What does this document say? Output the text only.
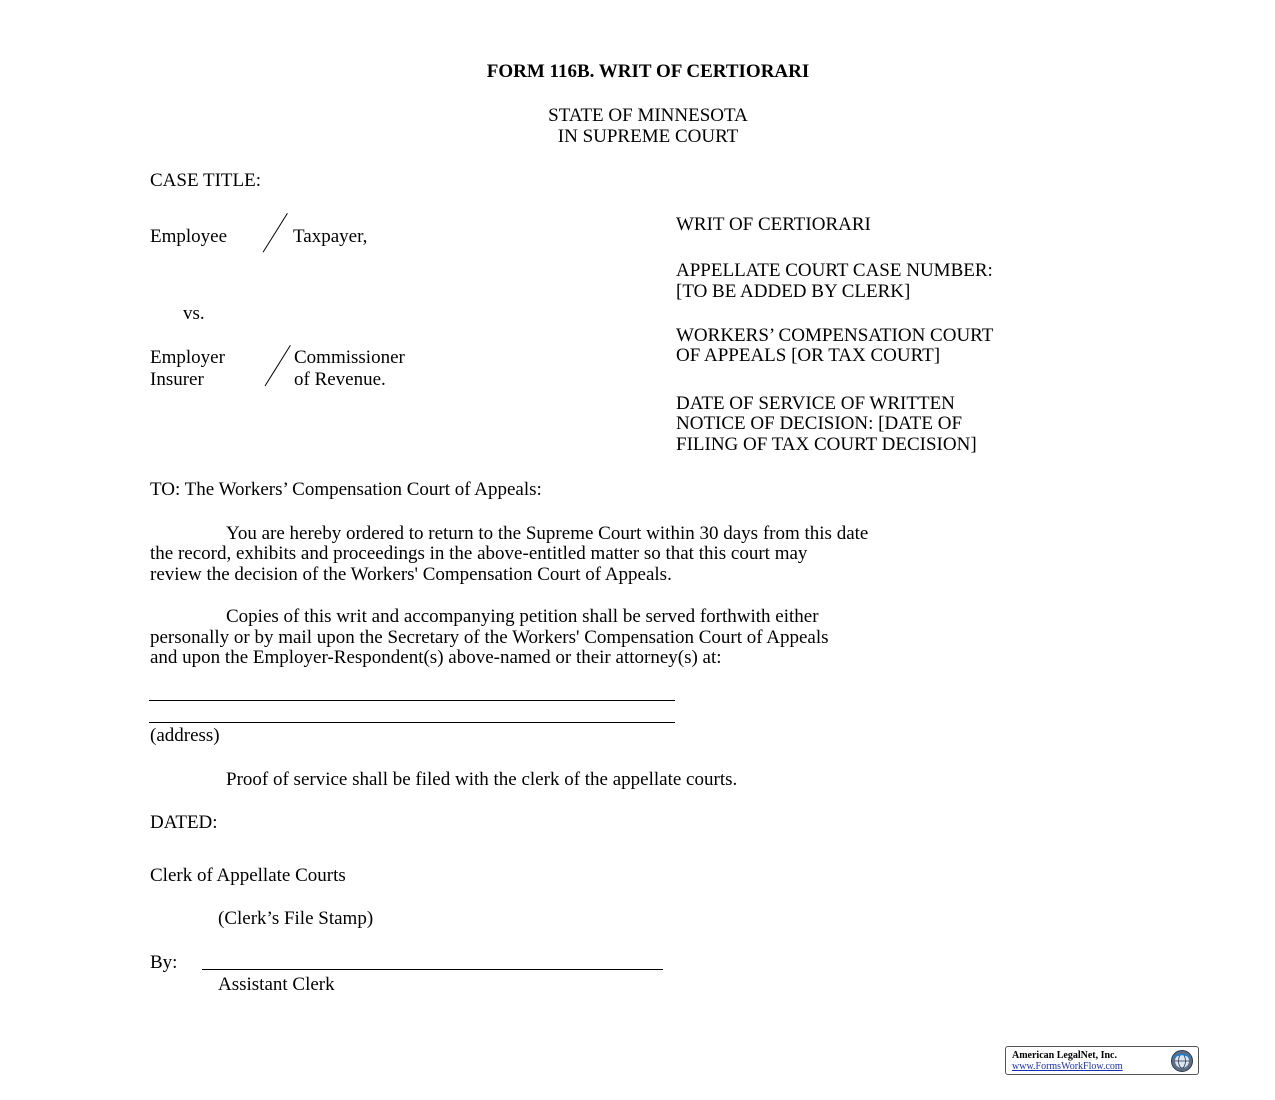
FORM 116B. WRIT OF CERTIORARI
STATE OF MINNESOTA
IN SUPREME COURT
CASE TITLE:
Employee	Taxpayer,
vs.
Employer
Insurer
Commissioner
of Revenue.
WRIT OF CERTIORARI
APPELLATE COURT CASE NUMBER:
[TO BE ADDED BY CLERK]
WORKERS’ COMPENSATION COURT
OF APPEALS [OR TAX COURT]
DATE OF SERVICE OF WRITTEN
NOTICE OF DECISION: [DATE OF
FILING OF TAX COURT DECISION]
TO: The Workers’ Compensation Court of Appeals:
You are hereby ordered to return to the Supreme Court within 30 days from this date
the record, exhibits and proceedings in the above-entitled matter so that this court may
review the decision of the Workers' Compensation Court of Appeals.
Copies of this writ and accompanying petition shall be served forthwith either
personally or by mail upon the Secretary of the Workers' Compensation Court of Appeals
and upon the Employer-Respondent(s) above-named or their attorney(s) at:
(address)
Proof of service shall be filed with the clerk of the appellate courts.
DATED:
Clerk of Appellate Courts
(Clerk’s File Stamp)
By:
Assistant Clerk
American LegalNet, Inc.
www.FormsWorkFlow.com
